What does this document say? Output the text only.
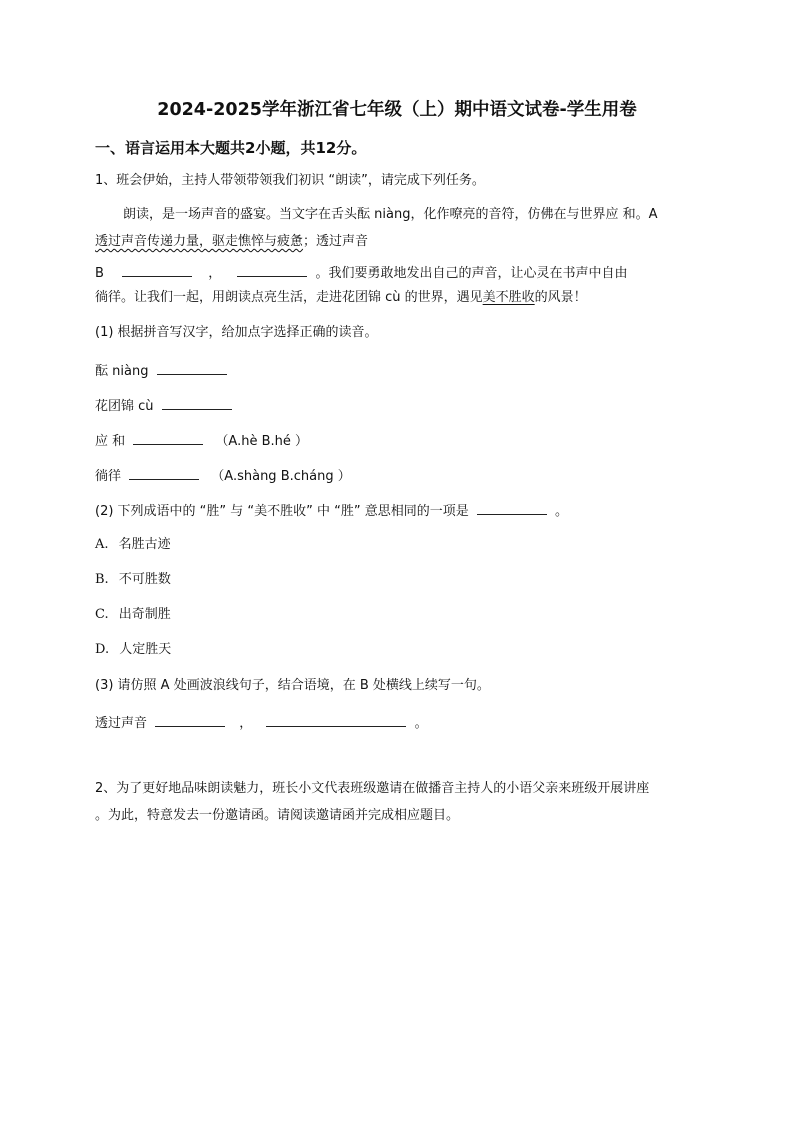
2024-2025学年浙江省七年级（上）期中语文试卷-学生用卷
一、语言运用本大题共2小题，共12分。
1、班会伊始，主持人带领带领我们初识 “朗读”，请完成下列任务。
朗读，是一场声音的盛宴。当文字在舌头酝 niàng，化作嘹亮的音符，仿佛在与世界应 和。A
透过声音传递力量，驱走憔悴与疲惫；透过声音
B	，	。我们要勇敢地发出自己的声音，让心灵在书声中自由
徜徉。让我们一起，用朗读点亮生活，走进花团锦 cù 的世界，遇见美不胜收的风景！
(1) 根据拼音写汉字，给加点字选择正确的读音。
酝 niàng
花团锦 cù
应 和	（A.hè B.hé ）
徜徉	（A.shàng B.cháng ）
(2) 下列成语中的 “胜” 与 “美不胜收” 中 “胜” 意思相同的一项是	。
A. 名胜古迹
B. 不可胜数
C. 出奇制胜
D. 人定胜天
(3) 请仿照 A 处画波浪线句子，结合语境，在 B 处横线上续写一句。
透过声音	，	。
2、为了更好地品味朗读魅力，班长小文代表班级邀请在做播音主持人的小语父亲来班级开展讲座
。为此，特意发去一份邀请函。请阅读邀请函并完成相应题目。
